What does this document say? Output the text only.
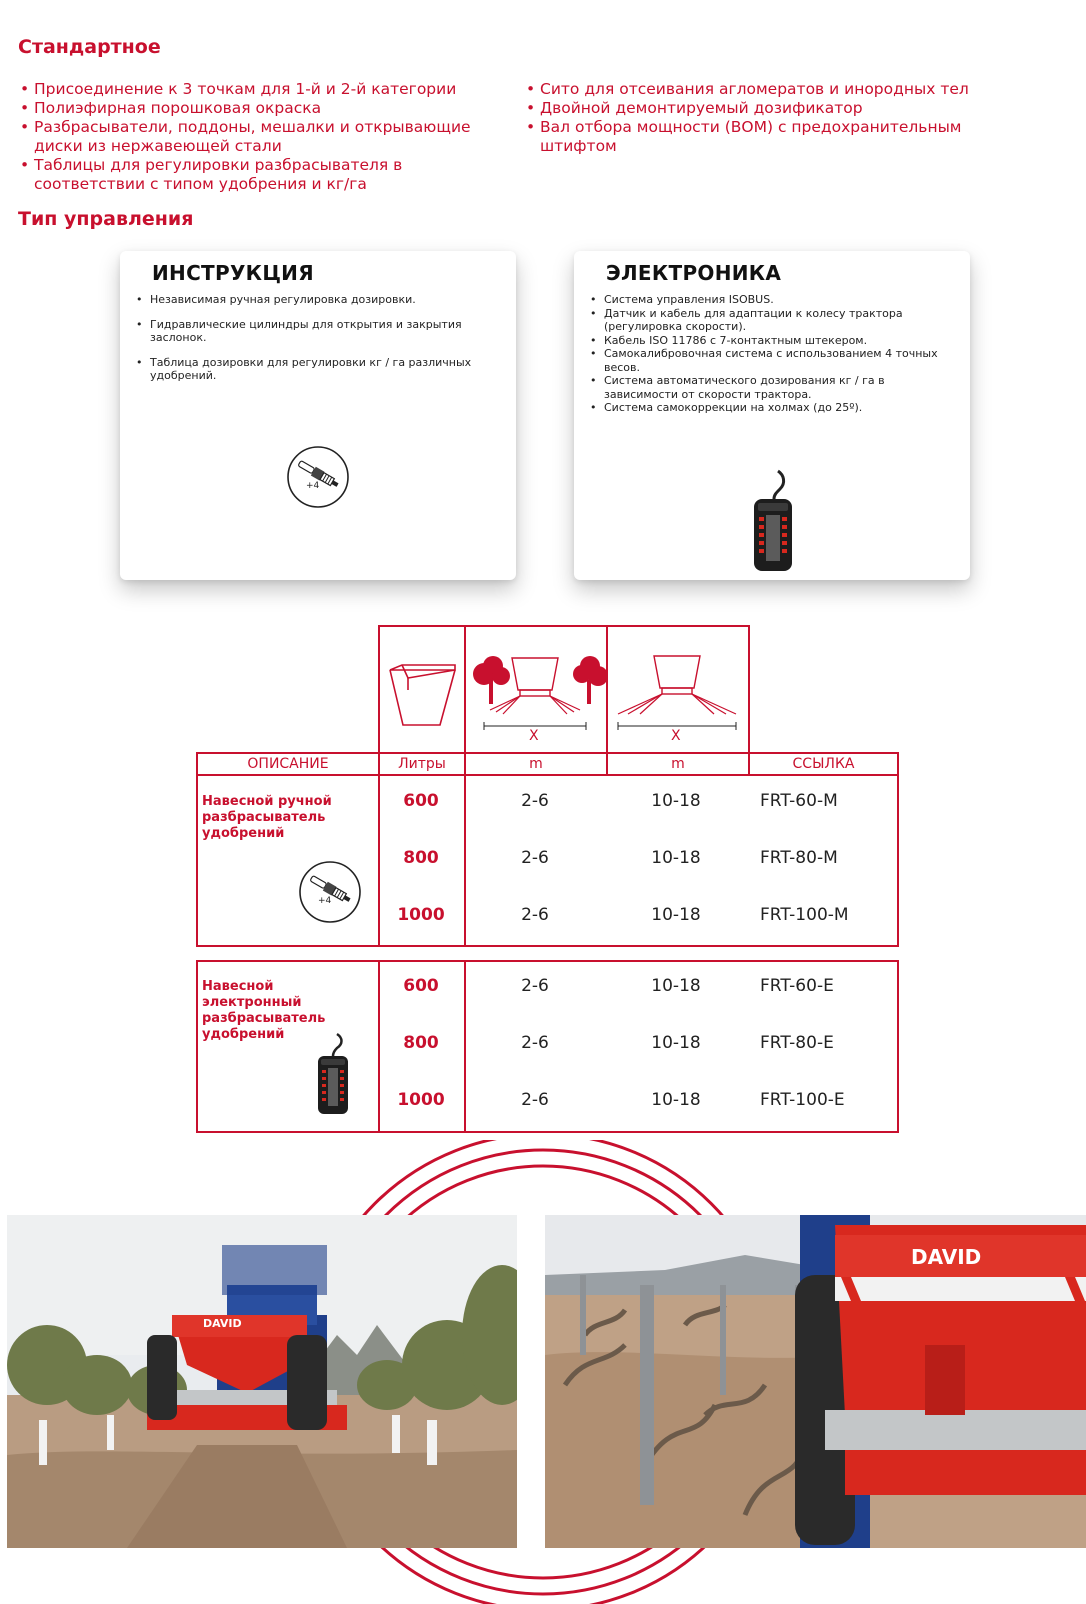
Стандартное
• Присоединение к 3 точкам для 1-й и 2-й категории
• Полиэфирная порошковая окраска
• Разбрасыватели, поддоны, мешалки и открывающие диски из нержавеющей стали
• Таблицы для регулировки разбрасывателя в соответствии с типом удобрения и кг/га
• Сито для отсеивания агломератов и инородных тел
• Двойной демонтируемый дозификатор
• Вал отбора мощности (ВОМ) с предохранительным штифтом
Тип управления
ИНСТРУКЦИЯ
• Независимая ручная регулировка дозировки.
• Гидравлические цилиндры для открытия и закрытия заслонок.
• Таблица дозировки для регулировки кг / га различных удобрений.
+4
ЭЛЕКТРОНИКА
• Система управления ISOBUS.
• Датчик и кабель для адаптации к колесу трактора (регулировка скорости).
• Кабель ISO 11786 с 7-контактным штекером.
• Самокалибровочная система с использованием 4 точных весов.
• Система автоматического дозирования кг / га в зависимости от скорости трактора.
• Система самокоррекции на холмах (до 25º).
X	X
ОПИСАНИЕ	Литры	m	m	ССЫЛКА
Навесной ручной разбрасыватель удобрений
+4
600	2-6	10-18	FRT-60-M
800	2-6	10-18	FRT-80-M
1000	2-6	10-18	FRT-100-M
Навесной электронный разбрасыватель удобрений
600	2-6	10-18	FRT-60-E
800	2-6	10-18	FRT-80-E
1000	2-6	10-18	FRT-100-E
DAVID
DAVID
